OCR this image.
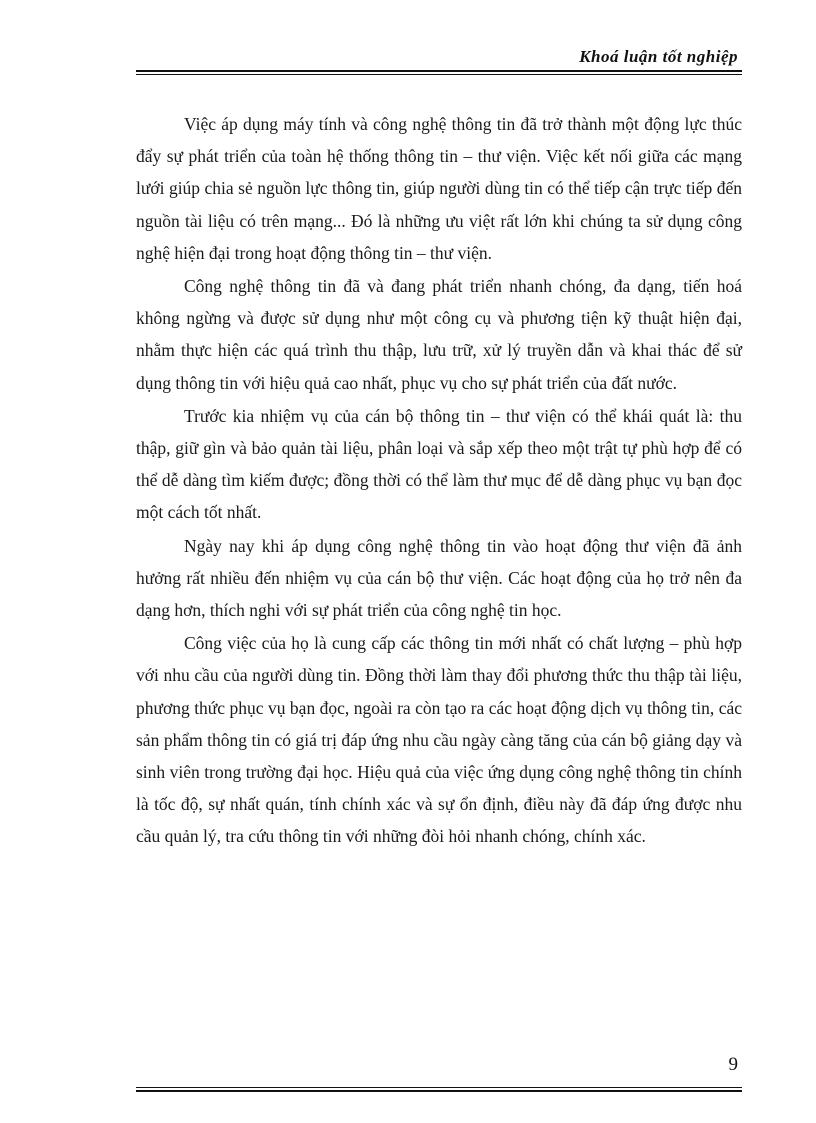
Khoá luận tốt nghiệp

Việc áp dụng máy tính và công nghệ thông tin đã trở thành một động lực thúc đẩy sự phát triển của toàn hệ thống thông tin – thư viện. Việc kết nối giữa các mạng lưới giúp chia sẻ nguồn lực thông tin, giúp người dùng tin có thể tiếp cận trực tiếp đến nguồn tài liệu có trên mạng... Đó là những ưu việt rất lớn khi chúng ta sử dụng công nghệ hiện đại trong hoạt động thông tin – thư viện.

Công nghệ thông tin đã và đang phát triển nhanh chóng, đa dạng, tiến hoá không ngừng và được sử dụng như một công cụ và phương tiện kỹ thuật hiện đại, nhằm thực hiện các quá trình thu thập, lưu trữ, xử lý truyền dẫn và khai thác để sử dụng thông tin với hiệu quả cao nhất, phục vụ cho sự phát triển của đất nước.

Trước kia nhiệm vụ của cán bộ thông tin – thư viện có thể khái quát là: thu thập, giữ gìn và bảo quản tài liệu, phân loại và sắp xếp theo một trật tự phù hợp để có thể dễ dàng tìm kiếm được; đồng thời có thể làm thư mục để dễ dàng phục vụ bạn đọc một cách tốt nhất.

Ngày nay khi áp dụng công nghệ thông tin vào hoạt động thư viện đã ảnh hưởng rất nhiều đến nhiệm vụ của cán bộ thư viện. Các hoạt động của họ trở nên đa dạng hơn, thích nghi với sự phát triển của công nghệ tin học.

Công việc của họ là cung cấp các thông tin mới nhất có chất lượng – phù hợp với nhu cầu của người dùng tin. Đồng thời làm thay đổi phương thức thu thập tài liệu, phương thức phục vụ bạn đọc, ngoài ra còn tạo ra các hoạt động dịch vụ thông tin, các sản phẩm thông tin có giá trị đáp ứng nhu cầu ngày càng tăng của cán bộ giảng dạy và sinh viên trong trường đại học. Hiệu quả của việc ứng dụng công nghệ thông tin chính là tốc độ, sự nhất quán, tính chính xác và sự ổn định, điều này đã đáp ứng được nhu cầu quản lý, tra cứu thông tin với những đòi hỏi nhanh chóng, chính xác.

9
